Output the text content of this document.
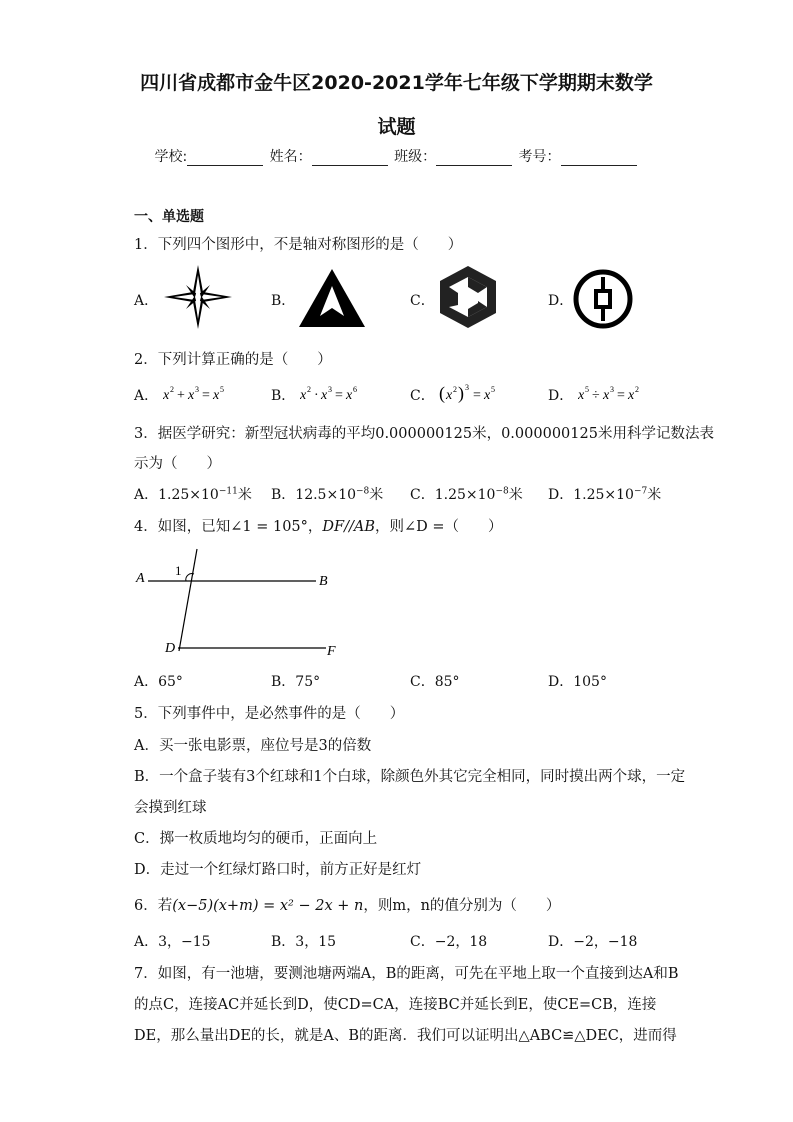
四川省成都市金牛区2020-2021学年七年级下学期期末数学
试题
学校:	姓名：	班级：	考号：
一、单选题
1．下列四个图形中，不是轴对称图形的是（　　）
A．	B．	C．	D．
2．下列计算正确的是（　　）
A． x 2 + x 3 = x 5	B． x 2 · x 3 = x 6	C． ( x 2 ) 3
= x 5	D． x 5 ÷ x 3 = x 2
3．据医学研究：新型冠状病毒的平均0.000000125米，0.000000125米用科学记数法表
示为（　　）
A．$1.25\times 10^{-11}$米 B．$12.5\times 10^{-8}$米 C．$1.25\times 10^{-8}$米 D．$1.25\times 10^{-7}$米
4．如图，已知∠1 = 105°，DF//AB，则∠D =（　　）
A	B
D	F
1
A．65°	B．75°	C．85°	D．105°
5．下列事件中，是必然事件的是（　　）
A．买一张电影票，座位号是3的倍数
B．一个盒子装有3个红球和1个白球，除颜色外其它完全相同，同时摸出两个球，一定
会摸到红球
C．掷一枚质地均匀的硬币，正面向上
D．走过一个红绿灯路口时，前方正好是红灯
6．若(x−5)(x+m) = x² − 2x + n，则m，n的值分别为（　　）
A．3，−15	B．3，15	C．−2，18	D．−2，−18
7．如图，有一池塘，要测池塘两端A，B的距离，可先在平地上取一个直接到达A和B
的点C，连接AC并延长到D，使CD=CA，连接BC并延长到E，使CE=CB，连接
DE，那么量出DE的长，就是A、B的距离．我们可以证明出△ABC≌△DEC，进而得
